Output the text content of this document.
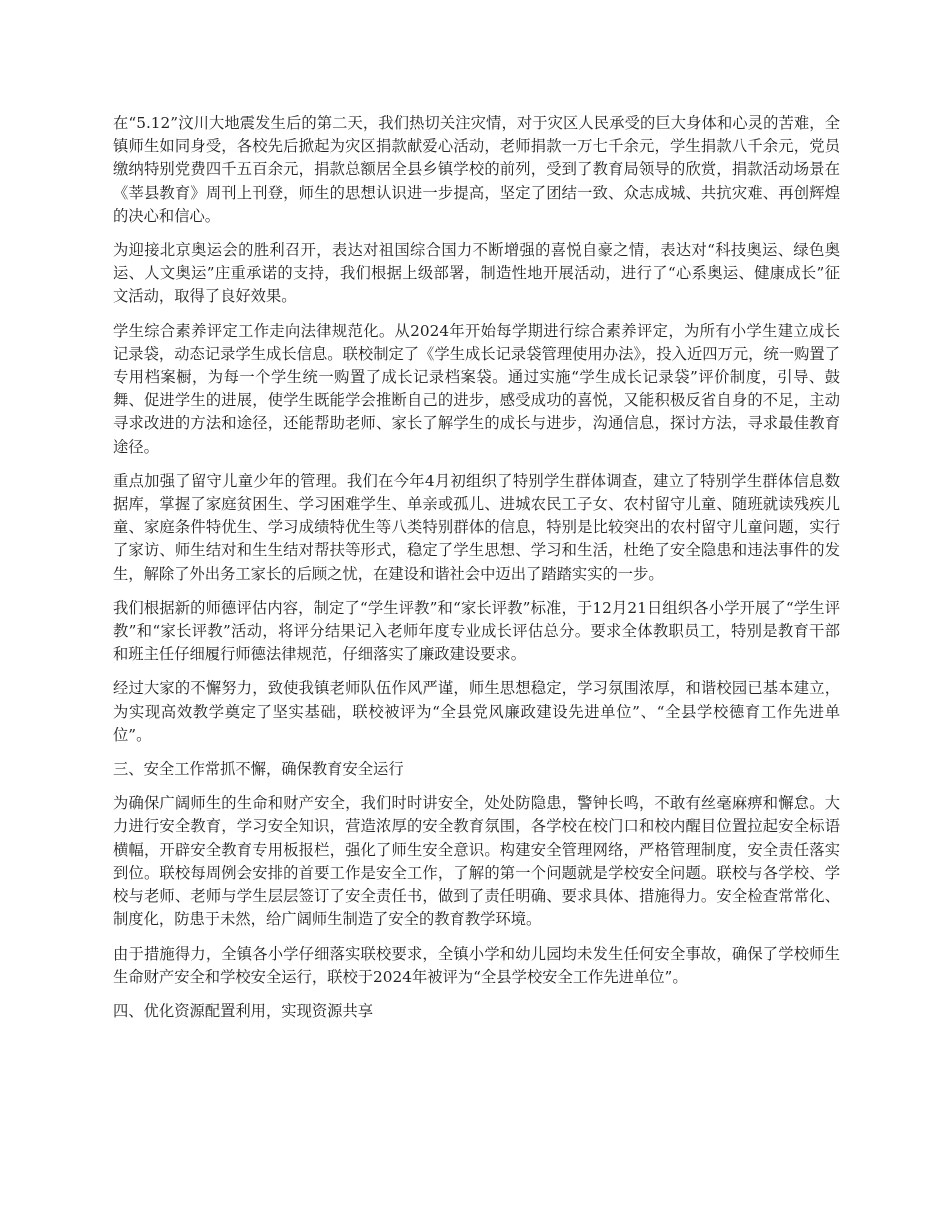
在“5.12”汶川大地震发生后的第二天，我们热切关注灾情，对于灾区人民承受的巨大身体和心灵的苦难，全镇师生如同身受，各校先后掀起为灾区捐款献爱心活动，老师捐款一万七千余元，学生捐款八千余元，党员缴纳特别党费四千五百余元，捐款总额居全县乡镇学校的前列，受到了教育局领导的欣赏，捐款活动场景在《莘县教育》周刊上刊登，师生的思想认识进一步提高，坚定了团结一致、众志成城、共抗灾难、再创辉煌的决心和信心。

为迎接北京奥运会的胜利召开，表达对祖国综合国力不断增强的喜悦自豪之情，表达对“科技奥运、绿色奥运、人文奥运”庄重承诺的支持，我们根据上级部署，制造性地开展活动，进行了“心系奥运、健康成长”征文活动，取得了良好效果。

学生综合素养评定工作走向法律规范化。从2024年开始每学期进行综合素养评定，为所有小学生建立成长记录袋，动态记录学生成长信息。联校制定了《学生成长记录袋管理使用办法》，投入近四万元，统一购置了专用档案橱，为每一个学生统一购置了成长记录档案袋。通过实施“学生成长记录袋”评价制度，引导、鼓舞、促进学生的进展，使学生既能学会推断自己的进步，感受成功的喜悦，又能积极反省自身的不足，主动寻求改进的方法和途径，还能帮助老师、家长了解学生的成长与进步，沟通信息，探讨方法，寻求最佳教育途径。

重点加强了留守儿童少年的管理。我们在今年4月初组织了特别学生群体调查，建立了特别学生群体信息数据库，掌握了家庭贫困生、学习困难学生、单亲或孤儿、进城农民工子女、农村留守儿童、随班就读残疾儿童、家庭条件特优生、学习成绩特优生等八类特别群体的信息，特别是比较突出的农村留守儿童问题，实行了家访、师生结对和生生结对帮扶等形式，稳定了学生思想、学习和生活，杜绝了安全隐患和违法事件的发生，解除了外出务工家长的后顾之忧，在建设和谐社会中迈出了踏踏实实的一步。

我们根据新的师德评估内容，制定了“学生评教”和“家长评教”标准，于12月21日组织各小学开展了“学生评教”和“家长评教”活动，将评分结果记入老师年度专业成长评估总分。要求全体教职员工，特别是教育干部和班主任仔细履行师德法律规范，仔细落实了廉政建设要求。

经过大家的不懈努力，致使我镇老师队伍作风严谨，师生思想稳定，学习氛围浓厚，和谐校园已基本建立，为实现高效教学奠定了坚实基础，联校被评为“全县党风廉政建设先进单位”、“全县学校德育工作先进单位”。

三、安全工作常抓不懈，确保教育安全运行

为确保广阔师生的生命和财产安全，我们时时讲安全，处处防隐患，警钟长鸣，不敢有丝毫麻痹和懈怠。大力进行安全教育，学习安全知识，营造浓厚的安全教育氛围，各学校在校门口和校内醒目位置拉起安全标语横幅，开辟安全教育专用板报栏，强化了师生安全意识。构建安全管理网络，严格管理制度，安全责任落实到位。联校每周例会安排的首要工作是安全工作，了解的第一个问题就是学校安全问题。联校与各学校、学校与老师、老师与学生层层签订了安全责任书，做到了责任明确、要求具体、措施得力。安全检查常常化、制度化，防患于未然，给广阔师生制造了安全的教育教学环境。

由于措施得力，全镇各小学仔细落实联校要求，全镇小学和幼儿园均未发生任何安全事故，确保了学校师生生命财产安全和学校安全运行，联校于2024年被评为“全县学校安全工作先进单位”。

四、优化资源配置利用，实现资源共享
